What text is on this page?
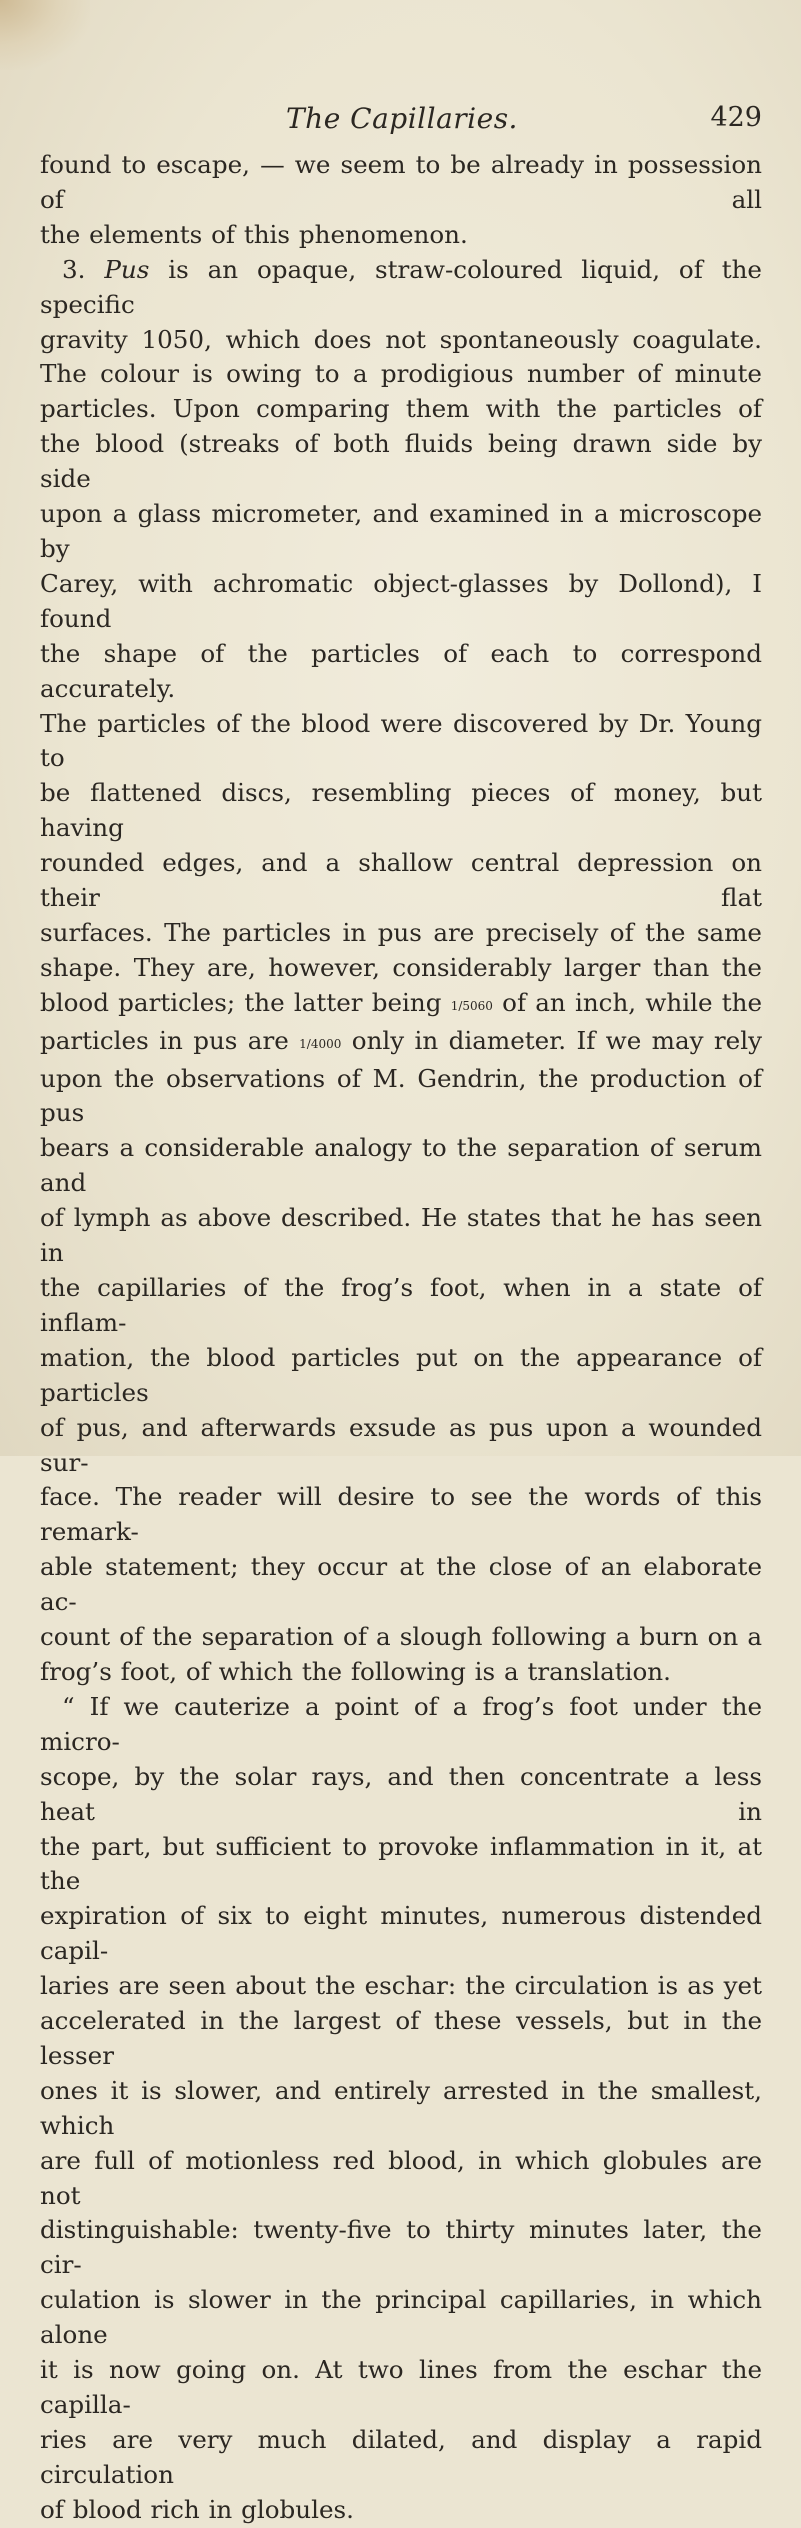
The Capillaries.	429

found to escape, — we seem to be already in possession of all

the elements of this phenomenon.

3. Pus is an opaque, straw-coloured liquid, of the specific

gravity 1050, which does not spontaneously coagulate.

The colour is owing to a prodigious number of minute

particles. Upon comparing them with the particles of

the blood (streaks of both fluids being drawn side by side

upon a glass micrometer, and examined in a microscope by

Carey, with achromatic object-glasses by Dollond), I found

the shape of the particles of each to correspond accurately.

The particles of the blood were discovered by Dr. Young to

be flattened discs, resembling pieces of money, but having

rounded edges, and a shallow central depression on their flat

surfaces. The particles in pus are precisely of the same

shape. They are, however, considerably larger than the

blood particles; the latter being 1/5060 of an inch, while the

particles in pus are 1/4000 only in diameter. If we may rely

upon the observations of M. Gendrin, the production of pus

bears a considerable analogy to the separation of serum and

of lymph as above described. He states that he has seen in

the capillaries of the frog’s foot, when in a state of inflam-

mation, the blood particles put on the appearance of particles

of pus, and afterwards exsude as pus upon a wounded sur-

face. The reader will desire to see the words of this remark-

able statement; they occur at the close of an elaborate ac-

count of the separation of a slough following a burn on a

frog’s foot, of which the following is a translation.

“ If we cauterize a point of a frog’s foot under the micro-

scope, by the solar rays, and then concentrate a less heat in

the part, but sufficient to provoke inflammation in it, at the

expiration of six to eight minutes, numerous distended capil-

laries are seen about the eschar: the circulation is as yet

accelerated in the largest of these vessels, but in the lesser

ones it is slower, and entirely arrested in the smallest, which

are full of motionless red blood, in which globules are not

distinguishable: twenty-five to thirty minutes later, the cir-

culation is slower in the principal capillaries, in which alone

it is now going on. At two lines from the eschar the capilla-

ries are very much dilated, and display a rapid circulation

of blood rich in globules.
